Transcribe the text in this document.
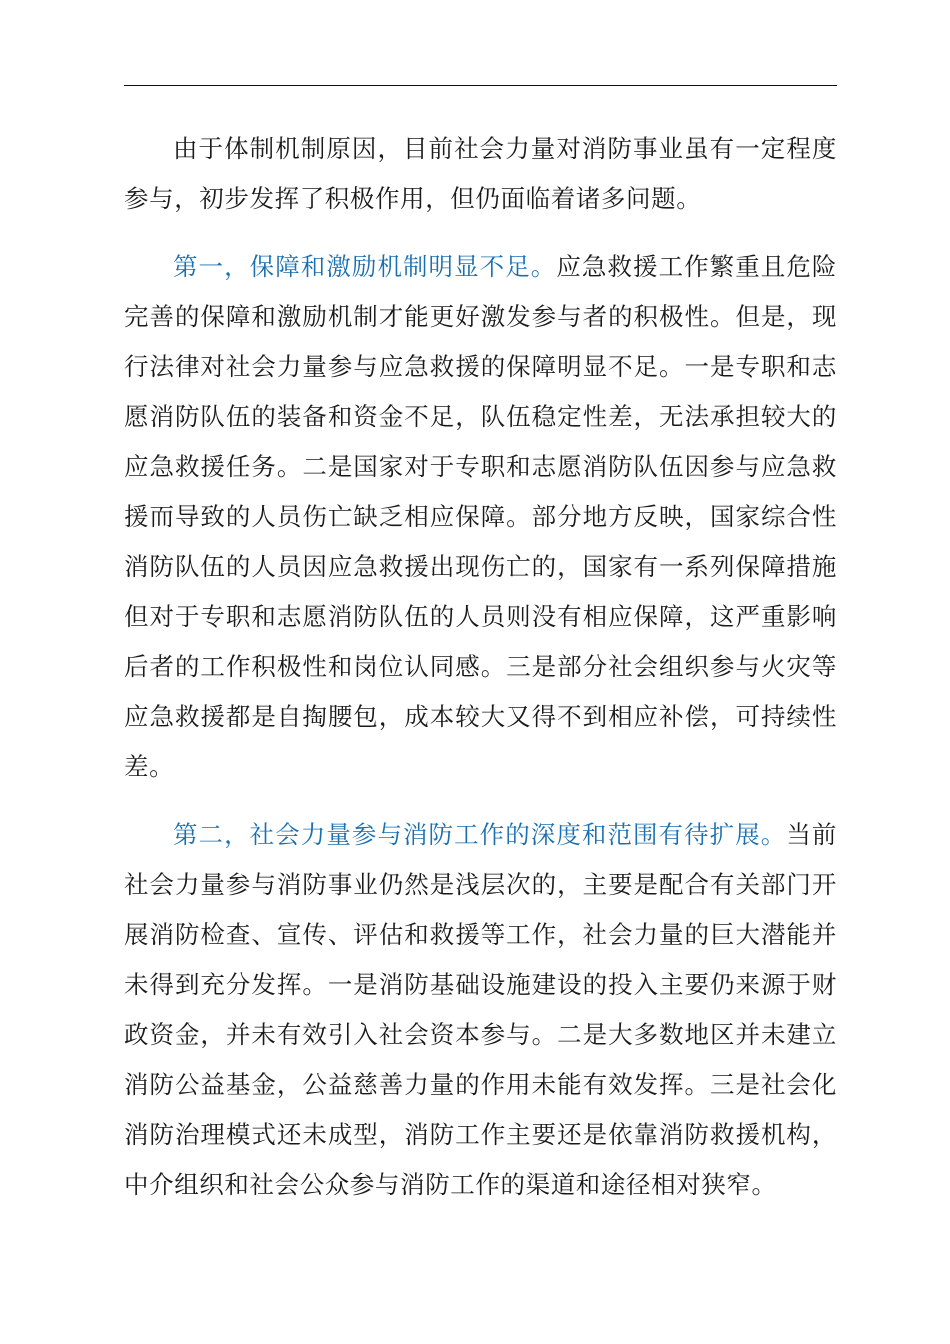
由于体制机制原因，目前社会力量对消防事业虽有一定程度参与，初步发挥了积极作用，但仍面临着诸多问题。

第一，保障和激励机制明显不足。应急救援工作繁重且危险完善的保障和激励机制才能更好激发参与者的积极性。但是，现行法律对社会力量参与应急救援的保障明显不足。一是专职和志愿消防队伍的装备和资金不足，队伍稳定性差，无法承担较大的应急救援任务。二是国家对于专职和志愿消防队伍因参与应急救援而导致的人员伤亡缺乏相应保障。部分地方反映，国家综合性消防队伍的人员因应急救援出现伤亡的，国家有一系列保障措施但对于专职和志愿消防队伍的人员则没有相应保障，这严重影响后者的工作积极性和岗位认同感。三是部分社会组织参与火灾等应急救援都是自掏腰包，成本较大又得不到相应补偿，可持续性差。

第二，社会力量参与消防工作的深度和范围有待扩展。当前社会力量参与消防事业仍然是浅层次的，主要是配合有关部门开展消防检查、宣传、评估和救援等工作，社会力量的巨大潜能并未得到充分发挥。一是消防基础设施建设的投入主要仍来源于财政资金，并未有效引入社会资本参与。二是大多数地区并未建立消防公益基金，公益慈善力量的作用未能有效发挥。三是社会化消防治理模式还未成型，消防工作主要还是依靠消防救援机构，中介组织和社会公众参与消防工作的渠道和途径相对狭窄。
